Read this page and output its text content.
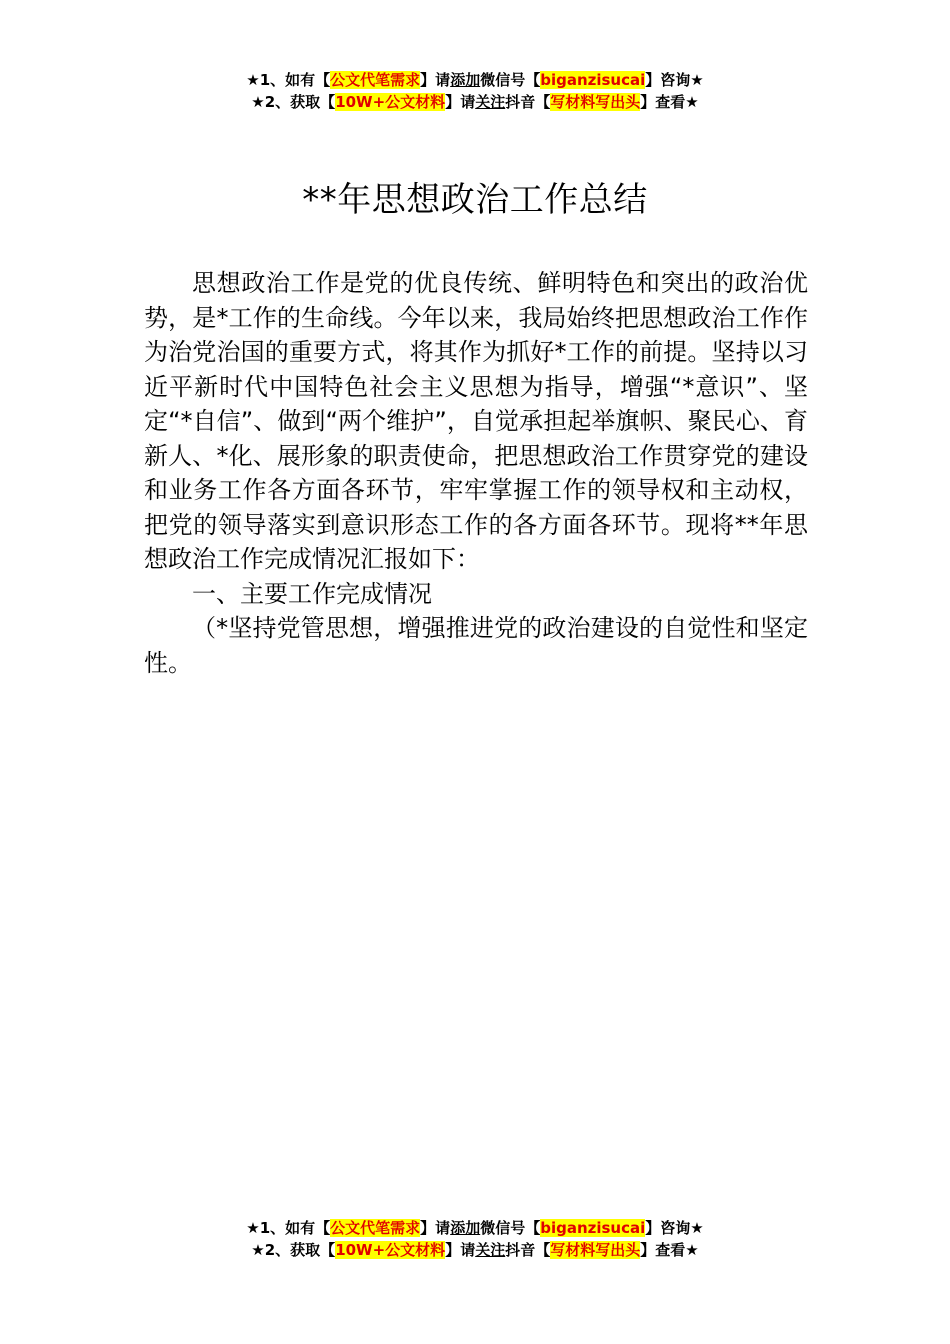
★1、如有【公文代笔需求】请添加微信号【biganzisucai】咨询★
★2、获取【10W+公文材料】请关注抖音【写材料写出头】查看★
**年思想政治工作总结

思想政治工作是党的优良传统、鲜明特色和突出的政治优势，是*工作的生命线。今年以来，我局始终把思想政治工作作为治党治国的重要方式，将其作为抓好*工作的前提。坚持以习近平新时代中国特色社会主义思想为指导，增强“*意识”、坚定“*自信”、做到“两个维护”，自觉承担起举旗帜、聚民心、育新人、*化、展形象的职责使命，把思想政治工作贯穿党的建设和业务工作各方面各环节，牢牢掌握工作的领导权和主动权，把党的领导落实到意识形态工作的各方面各环节。现将**年思想政治工作完成情况汇报如下：

一、主要工作完成情况

（*坚持党管思想，增强推进党的政治建设的自觉性和坚定性。

★1、如有【公文代笔需求】请添加微信号【biganzisucai】咨询★
★2、获取【10W+公文材料】请关注抖音【写材料写出头】查看★
